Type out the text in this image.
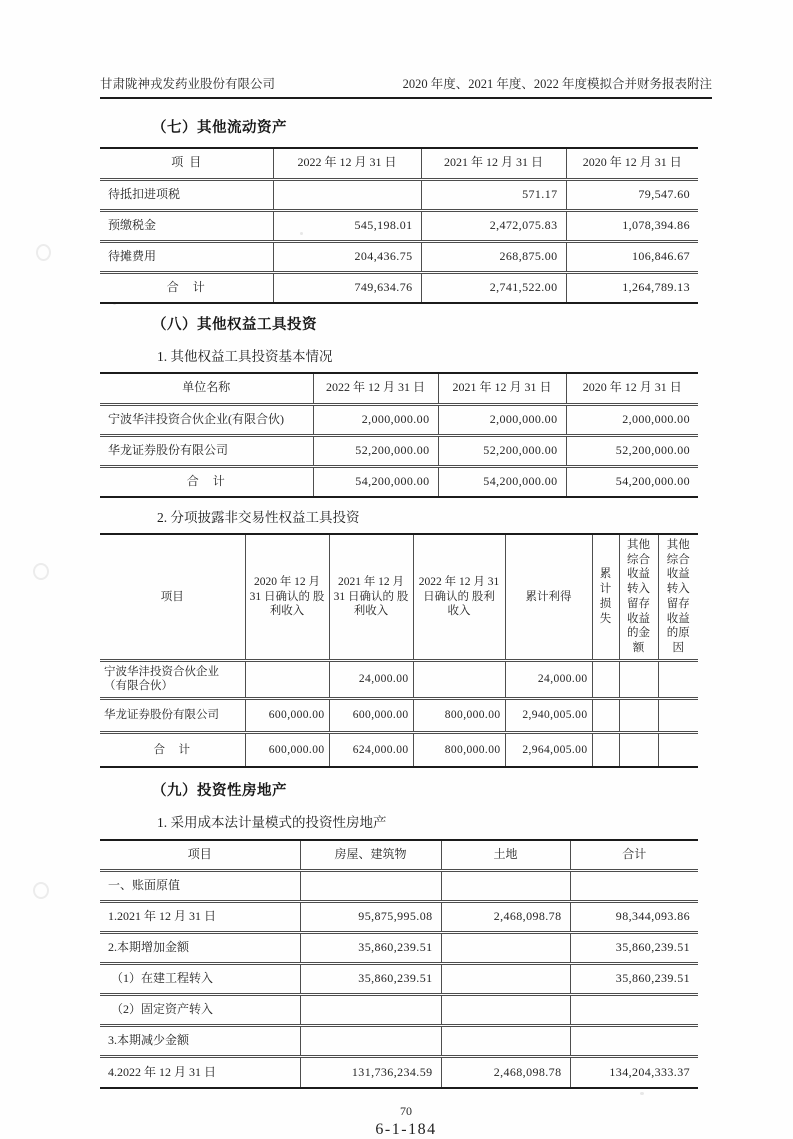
甘肃陇神戎发药业股份有限公司	2020 年度、2021 年度、2022 年度模拟合并财务报表附注
（七）其他流动资产
项  目	2022 年 12 月 31 日	2021 年 12 月 31 日	2020 年 12 月 31 日
待抵扣进项税		571.17	79,547.60
预缴税金	545,198.01	2,472,075.83	1,078,394.86
待摊费用	204,436.75	268,875.00	106,846.67
合　计	749,634.76	2,741,522.00	1,264,789.13
（八）其他权益工具投资
1. 其他权益工具投资基本情况
单位名称	2022 年 12 月 31 日	2021 年 12 月 31 日	2020 年 12 月 31 日
宁波华沣投资合伙企业(有限合伙)	2,000,000.00	2,000,000.00	2,000,000.00
华龙证券股份有限公司	52,200,000.00	52,200,000.00	52,200,000.00
合　计	54,200,000.00	54,200,000.00	54,200,000.00
2. 分项披露非交易性权益工具投资
项目	2020 年 12 月 31 日确认的 股利收入	2021 年 12 月 31 日确认的 股利收入	2022 年 12 月 31 日确认的 股利收入	累计利得	累计损失	其他综合收益转入留存收益的金额	其他综合收益转入留存收益的原因
宁波华沣投资合伙企业（有限合伙）		24,000.00		24,000.00			
华龙证券股份有限公司	600,000.00	600,000.00	800,000.00	2,940,005.00			
合　计	600,000.00	624,000.00	800,000.00	2,964,005.00			
（九）投资性房地产
1. 采用成本法计量模式的投资性房地产
项目	房屋、建筑物	土地	合计
一、账面原值			
1.2021 年 12 月 31 日	95,875,995.08	2,468,098.78	98,344,093.86
2.本期增加金额	35,860,239.51		35,860,239.51
（1）在建工程转入	35,860,239.51		35,860,239.51
（2）固定资产转入			
3.本期减少金额			
4.2022 年 12 月 31 日	131,736,234.59	2,468,098.78	134,204,333.37
70
6-1-184
